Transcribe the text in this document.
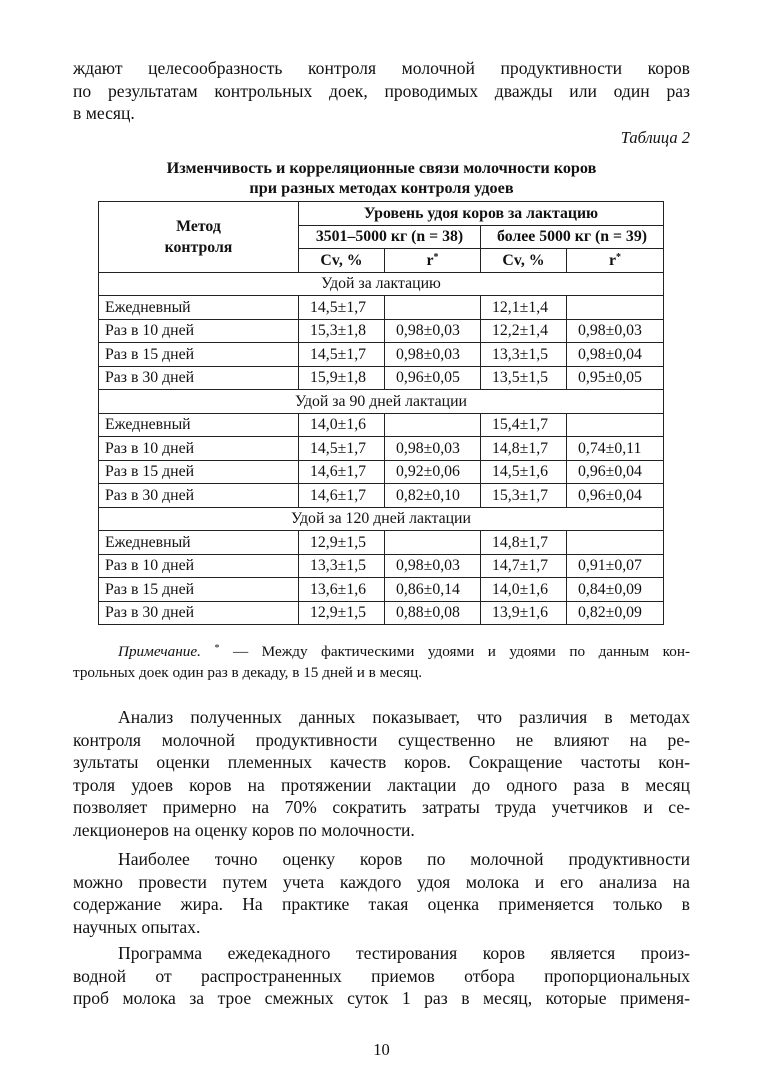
ждают целесообразность контроля молочной продуктивности коров
по результатам контрольных доек, проводимых дважды или один раз
в месяц.
Таблица 2
Изменчивость и корреляционные связи молочности коров
при разных методах контроля удоев
Метод
контроля	Уровень удоя коров за лактацию			
	3501–5000 кг (n = 38)		более 5000 кг (n = 39)	
	Cv, %	r*	Cv, %	r*
Удой за лактацию				
Ежедневный	14,5±1,7		12,1±1,4	
Раз в 10 дней	15,3±1,8	0,98±0,03	12,2±1,4	0,98±0,03
Раз в 15 дней	14,5±1,7	0,98±0,03	13,3±1,5	0,98±0,04
Раз в 30 дней	15,9±1,8	0,96±0,05	13,5±1,5	0,95±0,05
Удой за 90 дней лактации				
Ежедневный	14,0±1,6		15,4±1,7	
Раз в 10 дней	14,5±1,7	0,98±0,03	14,8±1,7	0,74±0,11
Раз в 15 дней	14,6±1,7	0,92±0,06	14,5±1,6	0,96±0,04
Раз в 30 дней	14,6±1,7	0,82±0,10	15,3±1,7	0,96±0,04
Удой за 120 дней лактации				
Ежедневный	12,9±1,5		14,8±1,7	
Раз в 10 дней	13,3±1,5	0,98±0,03	14,7±1,7	0,91±0,07
Раз в 15 дней	13,6±1,6	0,86±0,14	14,0±1,6	0,84±0,09
Раз в 30 дней	12,9±1,5	0,88±0,08	13,9±1,6	0,82±0,09
Примечание. * — Между фактическими удоями и удоями по данным кон-
трольных доек один раз в декаду, в 15 дней и в месяц.
Анализ полученных данных показывает, что различия в методах
контроля молочной продуктивности существенно не влияют на ре-
зультаты оценки племенных качеств коров. Сокращение частоты кон-
троля удоев коров на протяжении лактации до одного раза в месяц
позволяет примерно на 70% сократить затраты труда учетчиков и се-
лекционеров на оценку коров по молочности.
Наиболее точно оценку коров по молочной продуктивности
можно провести путем учета каждого удоя молока и его анализа на
содержание жира. На практике такая оценка применяется только в
научных опытах.
Программа ежедекадного тестирования коров является произ-
водной от распространенных приемов отбора пропорциональных
проб молока за трое смежных суток 1 раз в месяц, которые применя-
10
